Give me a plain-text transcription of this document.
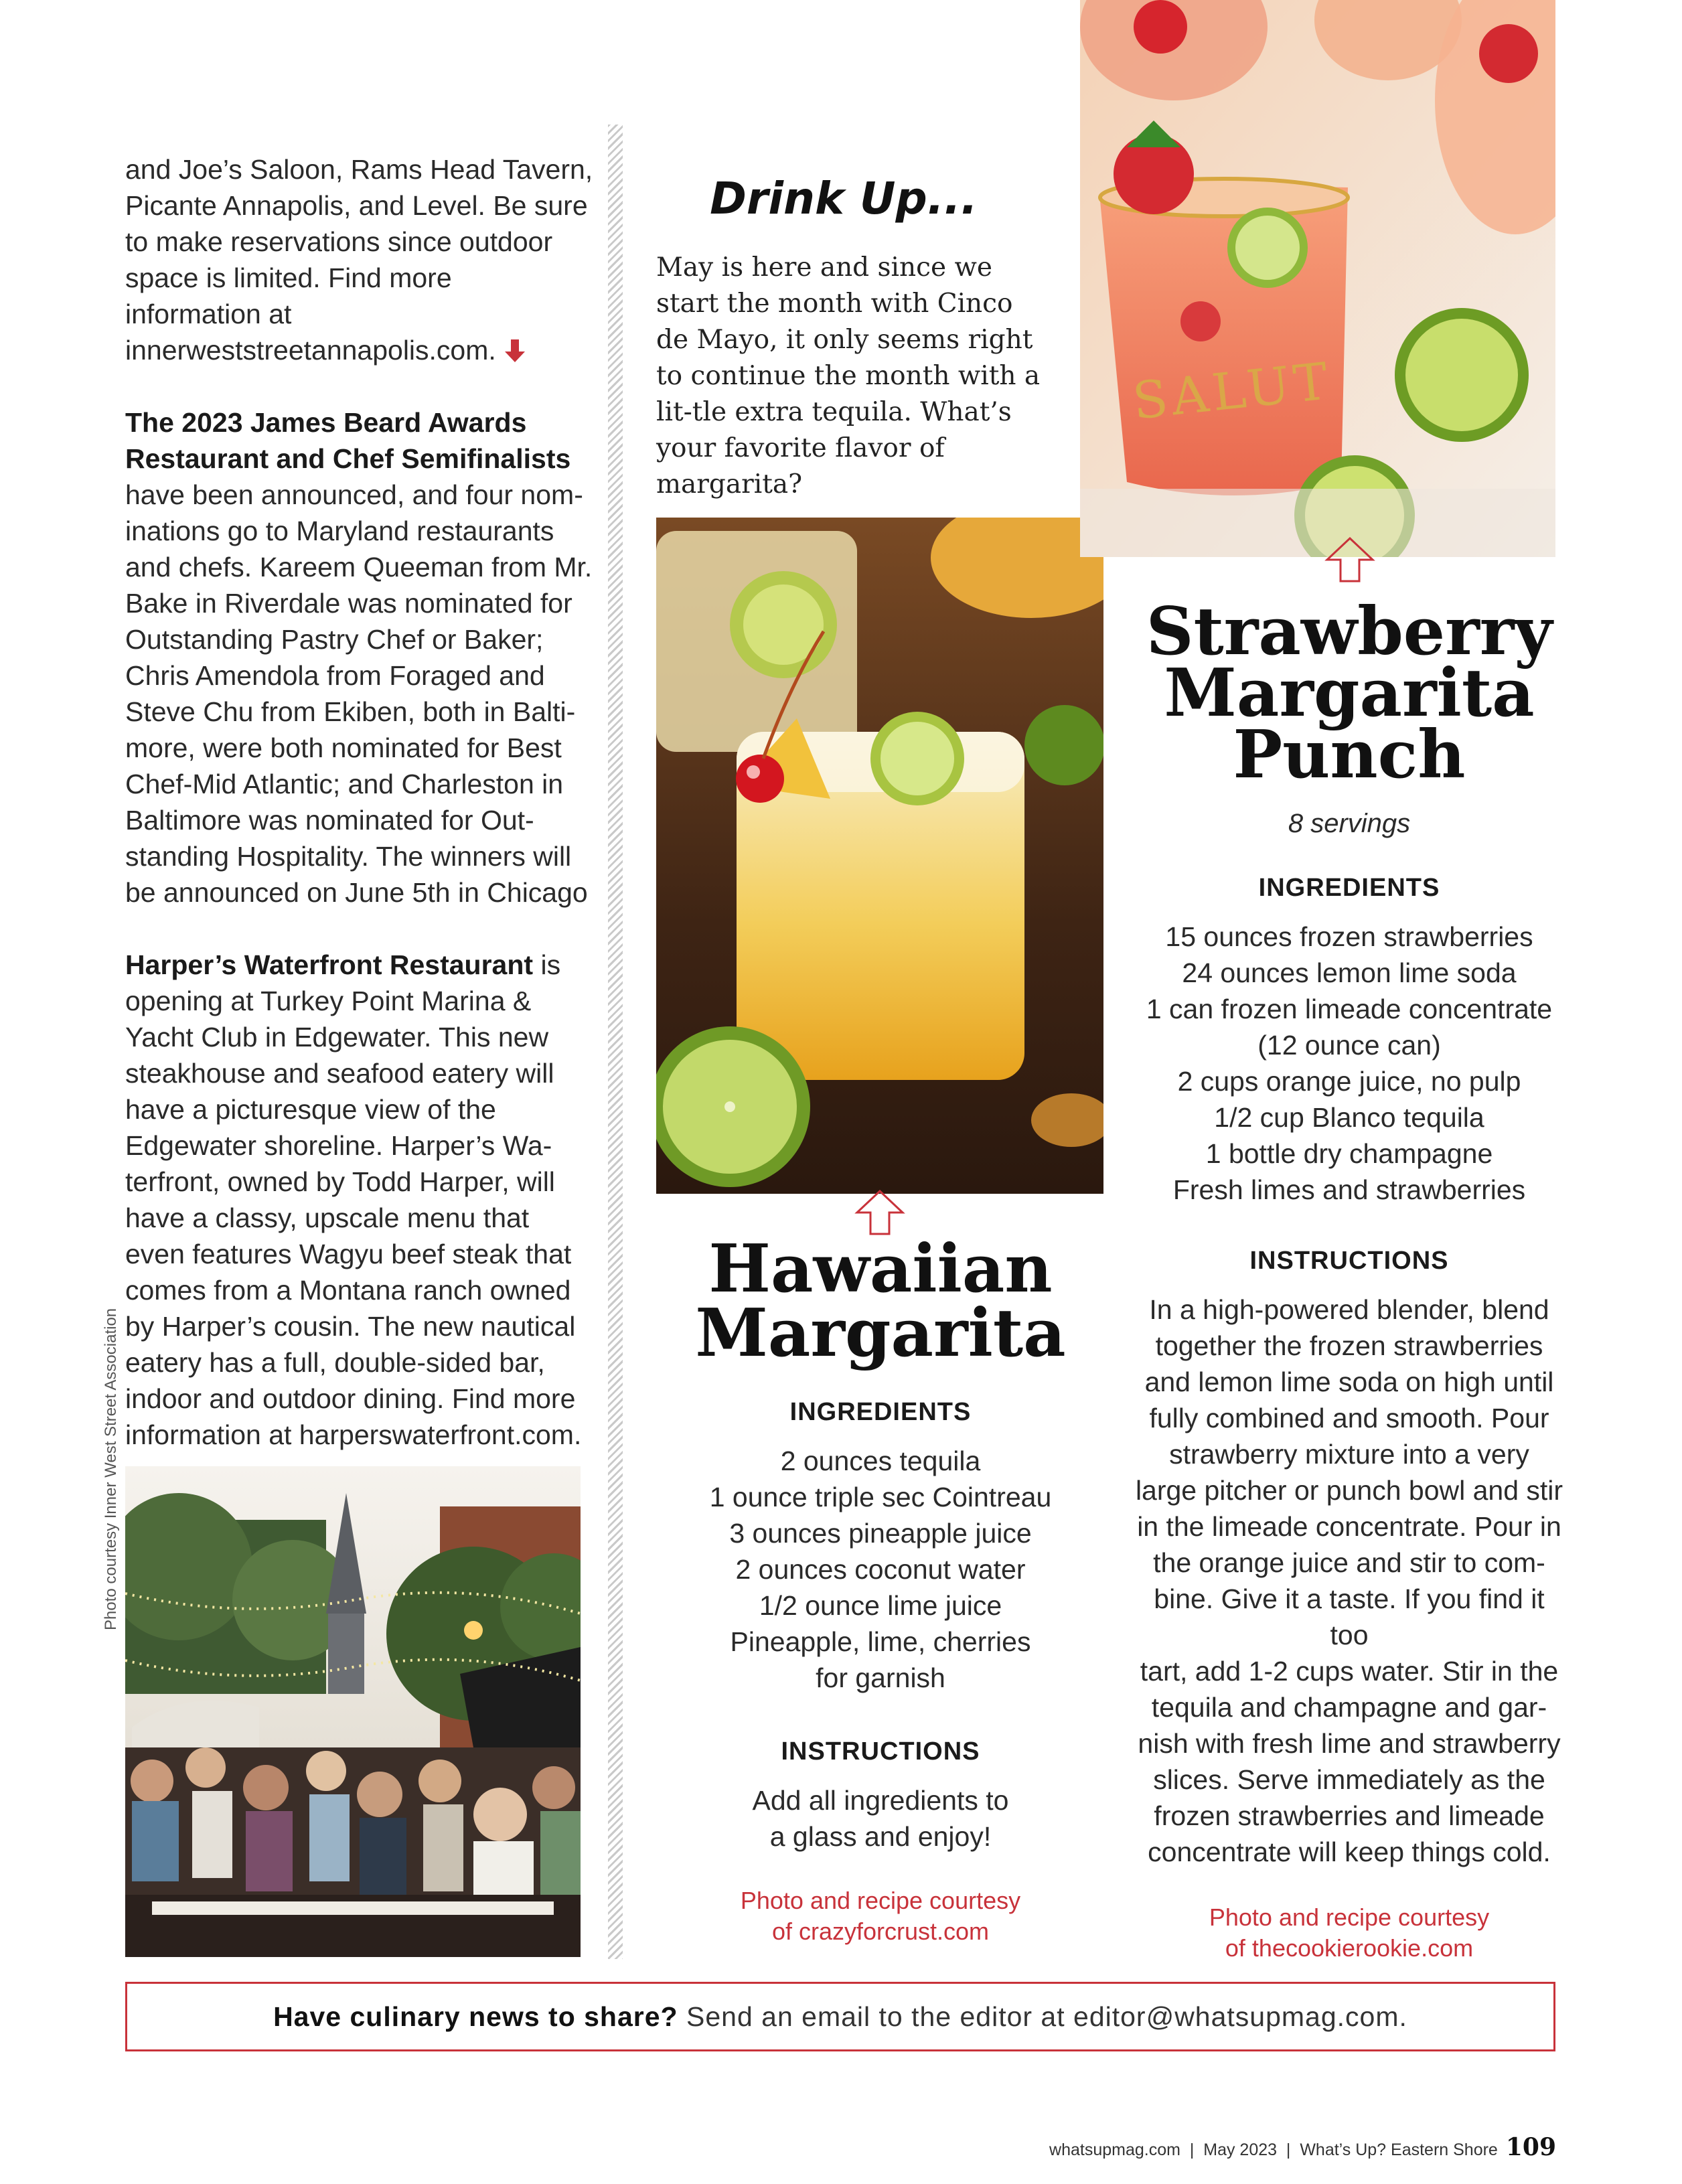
and Joe’s Saloon, Rams Head Tavern, Picante Annapolis, and Level. Be sure to make reservations since outdoor space is limited. Find more information at innerweststreetannapolis.com.

The 2023 James Beard Awards Restaurant and Chef Semifinalists have been announced, and four nom-inations go to Maryland restaurants and chefs. Kareem Queeman from Mr. Bake in Riverdale was nominated for Outstanding Pastry Chef or Baker; Chris Amendola from Foraged and Steve Chu from Ekiben, both in Balti-more, were both nominated for Best Chef-Mid Atlantic; and Charleston in Baltimore was nominated for Out-standing Hospitality. The winners will be announced on June 5th in Chicago

Harper’s Waterfront Restaurant is opening at Turkey Point Marina & Yacht Club in Edgewater. This new steakhouse and seafood eatery will have a picturesque view of the Edgewater shoreline. Harper’s Wa-terfront, owned by Todd Harper, will have a classy, upscale menu that even features Wagyu beef steak that comes from a Montana ranch owned by Harper’s cousin. The new nautical eatery has a full, double-sided bar, indoor and outdoor dining. Find more information at harperswaterfront.com.

Photo courtesy Inner West Street Association
Drink Up...

May is here and since we start the month with Cinco de Mayo, it only seems right to continue the month with a lit-tle extra tequila. What’s your favorite flavor of margarita?

Hawaiian
Margarita

INGREDIENTS

2 ounces tequila
1 ounce triple sec Cointreau
3 ounces pineapple juice
2 ounces coconut water
1/2 ounce lime juice
Pineapple, lime, cherries
for garnish

INSTRUCTIONS

Add all ingredients to
a glass and enjoy!

Photo and recipe courtesy
of crazyforcrust.com

SALUT

Strawberry
Margarita
Punch

8 servings

INGREDIENTS

15 ounces frozen strawberries
24 ounces lemon lime soda
1 can frozen limeade concentrate
(12 ounce can)
2 cups orange juice, no pulp
1/2 cup Blanco tequila
1 bottle dry champagne
Fresh limes and strawberries

INSTRUCTIONS

In a high-powered blender, blend
together the frozen strawberries
and lemon lime soda on high until
fully combined and smooth. Pour
strawberry mixture into a very
large pitcher or punch bowl and stir
in the limeade concentrate. Pour in
the orange juice and stir to com-
bine. Give it a taste. If you find it too
tart, add 1-2 cups water. Stir in the
tequila and champagne and gar-
nish with fresh lime and strawberry
slices. Serve immediately as the
frozen strawberries and limeade
concentrate will keep things cold.

Photo and recipe courtesy
of thecookierookie.com

Have culinary news to share? Send an email to the editor at editor@whatsupmag.com.
whatsupmag.com  |  May 2023  |  What’s Up? Eastern Shore 109
